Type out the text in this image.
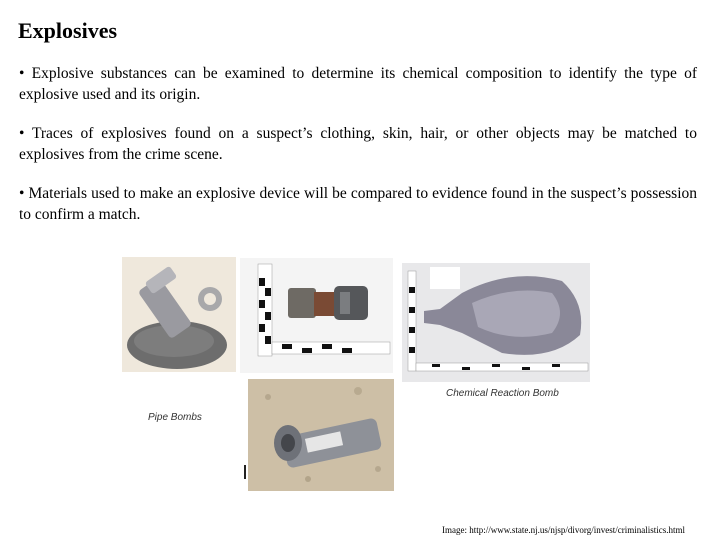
Explosives
• Explosive substances can be examined to determine its chemical composition to identify the type of explosive used and its origin.
• Traces of explosives found on a suspect’s clothing, skin, hair, or other objects may be matched to explosives from the crime scene.
• Materials used to make an explosive device will be compared to evidence found in the suspect’s possession to confirm a match.
Chemical Reaction Bomb
Pipe Bombs
Image: http://www.state.nj.us/njsp/divorg/invest/criminalistics.html
